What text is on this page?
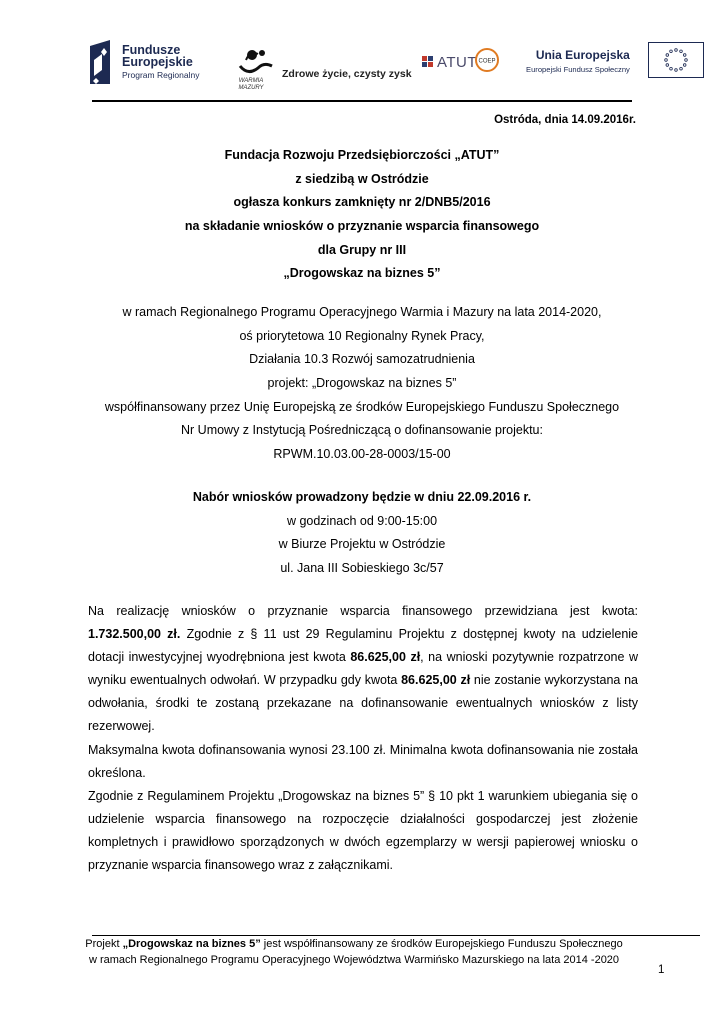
Fundusze
Europejskie
Program Regionalny
WARMIA MAZURY
Zdrowe życie, czysty zysk
ATUT COEP	Unia Europejska
Europejski Fundusz Społeczny
Ostróda, dnia 14.09.2016r.
Fundacja Rozwoju Przedsiębiorczości „ATUT”
z siedzibą w Ostródzie
ogłasza konkurs zamknięty nr 2/DNB5/2016
na składanie wniosków o przyznanie wsparcia finansowego
dla Grupy nr III
„Drogowskaz na biznes 5”
w ramach Regionalnego Programu Operacyjnego Warmia i Mazury na lata 2014-2020,
oś priorytetowa 10 Regionalny Rynek Pracy,
Działania 10.3 Rozwój samozatrudnienia
projekt: „Drogowskaz na biznes 5”
współfinansowany przez Unię Europejską ze środków Europejskiego Funduszu Społecznego
Nr Umowy z Instytucją Pośredniczącą o dofinansowanie projektu:
RPWM.10.03.00-28-0003/15-00
Nabór wniosków prowadzony będzie w dniu 22.09.2016 r.
w godzinach od 9:00-15:00
w Biurze Projektu w Ostródzie
ul. Jana III Sobieskiego 3c/57

Na realizację wniosków o przyznanie wsparcia finansowego przewidziana jest kwota:
1.732.500,00 zł. Zgodnie z § 11 ust 29 Regulaminu Projektu z dostępnej kwoty na udzielenie dotacji inwestycyjnej wyodrębniona jest kwota 86.625,00 zł, na wnioski pozytywnie rozpatrzone w wyniku ewentualnych odwołań. W przypadku gdy kwota 86.625,00 zł nie zostanie wykorzystana na odwołania, środki te zostaną przekazane na dofinansowanie ewentualnych wniosków z listy rezerwowej.

Maksymalna kwota dofinansowania wynosi 23.100 zł. Minimalna kwota dofinansowania nie została określona.

Zgodnie z Regulaminem Projektu „Drogowskaz na biznes 5” § 10 pkt 1 warunkiem ubiegania się o udzielenie wsparcia finansowego na rozpoczęcie działalności gospodarczej jest złożenie kompletnych i prawidłowo sporządzonych w dwóch egzemplarzy w wersji papierowej wniosku o przyznanie wsparcia finansowego wraz z załącznikami.

Projekt „Drogowskaz na biznes 5” jest współfinansowany ze środków Europejskiego Funduszu Społecznego w ramach Regionalnego Programu Operacyjnego Województwa Warmińsko Mazurskiego na lata 2014 -2020
1
